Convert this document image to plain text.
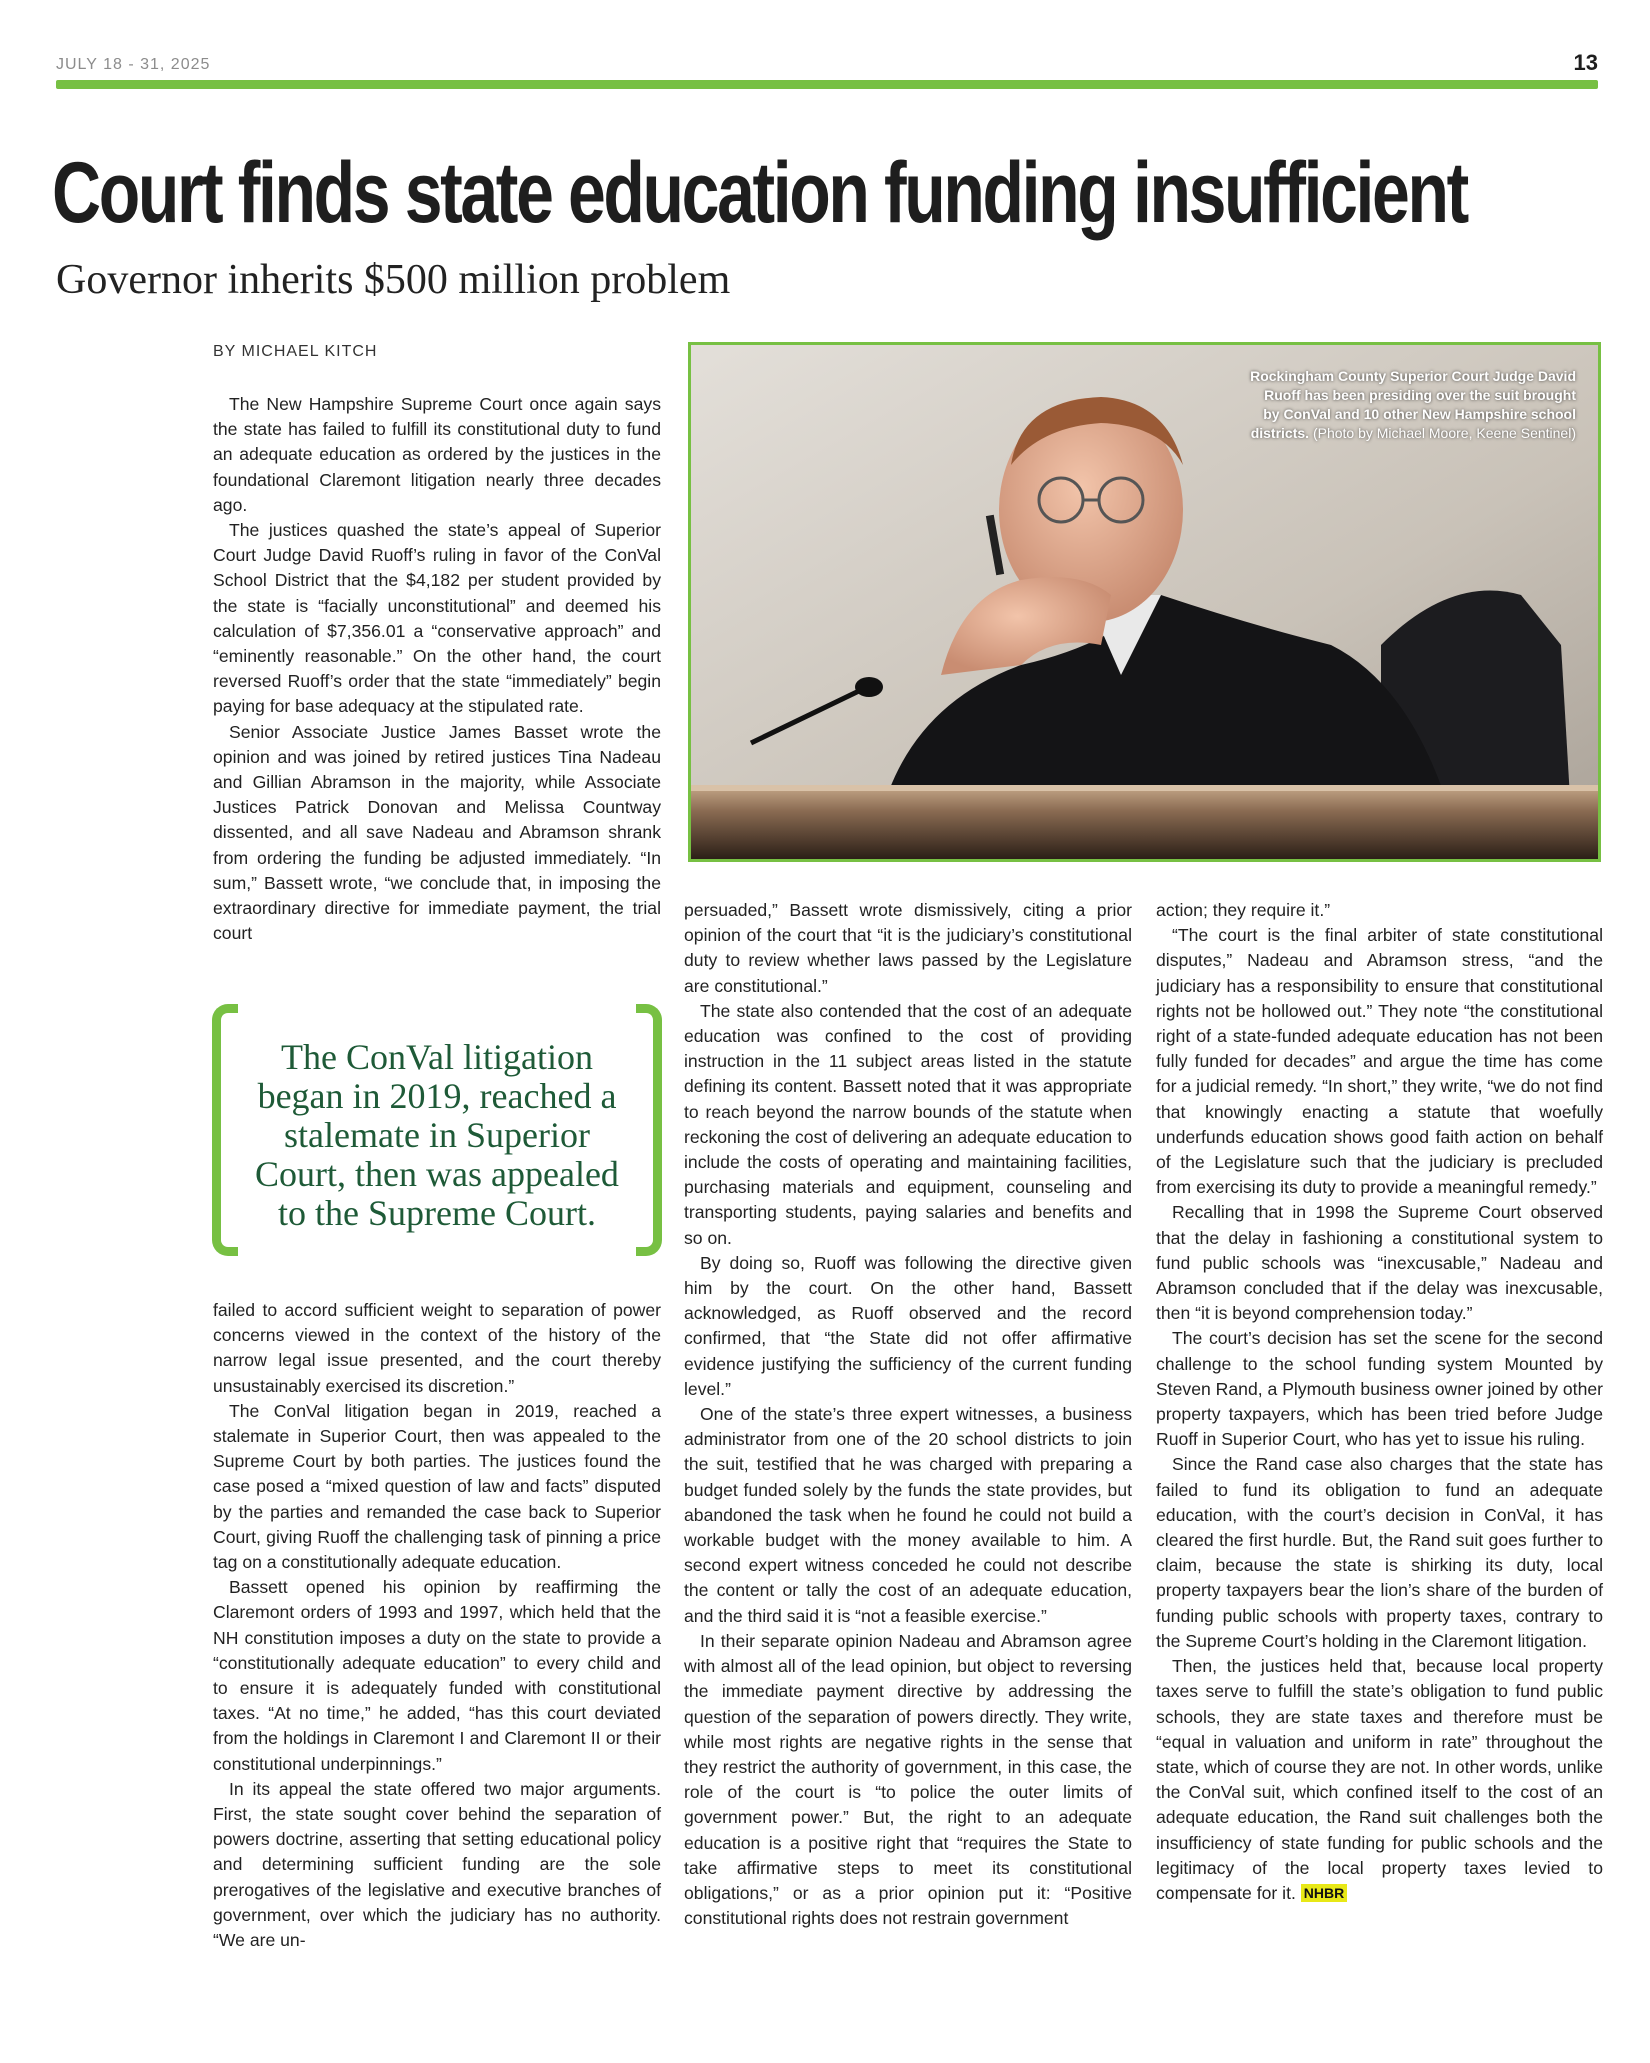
JULY 18 - 31, 2025	13
Court finds state education funding insufficient
Governor inherits $500 million problem
BY MICHAEL KITCH

The New Hampshire Supreme Court once again says the state has failed to fulfill its constitutional duty to fund an adequate education as ordered by the justices in the foundational Claremont litigation nearly three decades ago.

The justices quashed the state’s appeal of Superior Court Judge David Ruoff’s ruling in favor of the ConVal School District that the $4,182 per student provided by the state is “facially unconstitutional” and deemed his calculation of $7,356.01 a “conservative approach” and “eminently reasonable.” On the other hand, the court reversed Ruoff’s order that the state “immediately” begin paying for base adequacy at the stipulated rate.

Senior Associate Justice James Basset wrote the opinion and was joined by retired justices Tina Nadeau and Gillian Abramson in the majority, while Associate Justices Patrick Donovan and Melissa Countway dissented, and all save Nadeau and Abramson shrank from ordering the funding be adjusted immediately. “In sum,” Bassett wrote, “we conclude that, in imposing the extraordinary directive for immediate payment, the trial court

The ConVal litigation began in 2019, reached a stalemate in Superior Court, then was appealed to the Supreme Court.

failed to accord sufficient weight to separation of power concerns viewed in the context of the history of the narrow legal issue presented, and the court thereby unsustainably exercised its discretion.”

The ConVal litigation began in 2019, reached a stalemate in Superior Court, then was appealed to the Supreme Court by both parties. The justices found the case posed a “mixed question of law and facts” disputed by the parties and remanded the case back to Superior Court, giving Ruoff the challenging task of pinning a price tag on a constitutionally adequate education.

Bassett opened his opinion by reaffirming the Claremont orders of 1993 and 1997, which held that the NH constitution imposes a duty on the state to provide a “constitutionally adequate education” to every child and to ensure it is adequately funded with constitutional taxes. “At no time,” he added, “has this court deviated from the holdings in Claremont I and Claremont II or their constitutional underpinnings.”

In its appeal the state offered two major arguments. First, the state sought cover behind the separation of powers doctrine, asserting that setting educational policy and determining sufficient funding are the sole prerogatives of the legislative and executive branches of government, over which the judiciary has no authority. “We are un-

Rockingham County Superior Court Judge David Ruoff has been presiding over the suit brought by ConVal and 10 other New Hampshire school districts. (Photo by Michael Moore, Keene Sentinel)

persuaded,” Bassett wrote dismissively, citing a prior opinion of the court that “it is the judiciary’s constitutional duty to review whether laws passed by the Legislature are constitutional.”

The state also contended that the cost of an adequate education was confined to the cost of providing instruction in the 11 subject areas listed in the statute defining its content. Bassett noted that it was appropriate to reach beyond the narrow bounds of the statute when reckoning the cost of delivering an adequate education to include the costs of operating and maintaining facilities, purchasing materials and equipment, counseling and transporting students, paying salaries and benefits and so on.

By doing so, Ruoff was following the directive given him by the court. On the other hand, Bassett acknowledged, as Ruoff observed and the record confirmed, that “the State did not offer affirmative evidence justifying the sufficiency of the current funding level.”

One of the state’s three expert witnesses, a business administrator from one of the 20 school districts to join the suit, testified that he was charged with preparing a budget funded solely by the funds the state provides, but abandoned the task when he found he could not build a workable budget with the money available to him. A second expert witness conceded he could not describe the content or tally the cost of an adequate education, and the third said it is “not a feasible exercise.”

In their separate opinion Nadeau and Abramson agree with almost all of the lead opinion, but object to reversing the immediate payment directive by addressing the question of the separation of powers directly. They write, while most rights are negative rights in the sense that they restrict the authority of government, in this case, the role of the court is “to police the outer limits of government power.” But, the right to an adequate education is a positive right that “requires the State to take affirmative steps to meet its constitutional obligations,” or as a prior opinion put it: “Positive constitutional rights does not restrain government

action; they require it.”

“The court is the final arbiter of state constitutional disputes,” Nadeau and Abramson stress, “and the judiciary has a responsibility to ensure that constitutional rights not be hollowed out.” They note “the constitutional right of a state-funded adequate education has not been fully funded for decades” and argue the time has come for a judicial remedy. “In short,” they write, “we do not find that knowingly enacting a statute that woefully underfunds education shows good faith action on behalf of the Legislature such that the judiciary is precluded from exercising its duty to provide a meaningful remedy.”

Recalling that in 1998 the Supreme Court observed that the delay in fashioning a constitutional system to fund public schools was “inexcusable,” Nadeau and Abramson concluded that if the delay was inexcusable, then “it is beyond comprehension today.”

The court’s decision has set the scene for the second challenge to the school funding system Mounted by Steven Rand, a Plymouth business owner joined by other property taxpayers, which has been tried before Judge Ruoff in Superior Court, who has yet to issue his ruling.

Since the Rand case also charges that the state has failed to fund its obligation to fund an adequate education, with the court’s decision in ConVal, it has cleared the first hurdle. But, the Rand suit goes further to claim, because the state is shirking its duty, local property taxpayers bear the lion’s share of the burden of funding public schools with property taxes, contrary to the Supreme Court’s holding in the Claremont litigation.

Then, the justices held that, because local property taxes serve to fulfill the state’s obligation to fund public schools, they are state taxes and therefore must be “equal in valuation and uniform in rate” throughout the state, which of course they are not. In other words, unlike the ConVal suit, which confined itself to the cost of an adequate education, the Rand suit challenges both the insufficiency of state funding for public schools and the legitimacy of the local property taxes levied to compensate for it. NHBR
